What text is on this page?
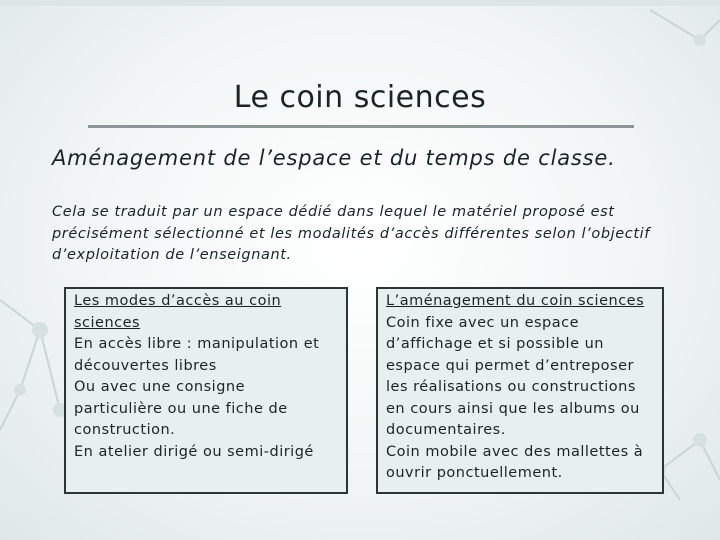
Le coin sciences
Aménagement de l’espace et du temps de classe.

Cela se traduit par un espace dédié dans lequel le matériel proposé est précisément sélectionné et les modalités d’accès différentes selon l’objectif d’exploitation de l’enseignant.

Les modes d’accès au coin sciences
En accès libre : manipulation et découvertes libres
Ou avec une consigne particulière ou une fiche de construction.
En atelier dirigé ou semi-dirigé
L’aménagement du coin sciences
Coin fixe avec un espace d’affichage et si possible un espace qui permet d’entreposer les réalisations ou constructions en cours ainsi que les albums ou documentaires.
Coin mobile avec des mallettes à ouvrir ponctuellement.
